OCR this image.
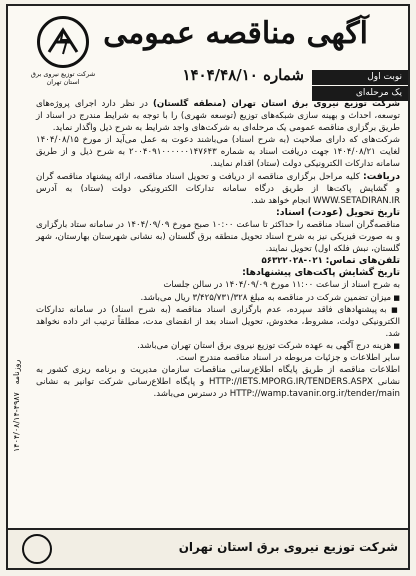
شرکت توزیع نیروی برق
استان تهران
آگهی مناقصه عمومی
شماره ۱۴۰۴/۴۸/۱۰	نوبت اول
یک مرحله‌ای

شرکت توزیع نیروی برق استان تهران (منطقه گلستان) در نظر دارد اجرای پروژه‌های توسعه، احداث و بهینه سازی شبکه‌های توزیع (توسعه شهری) را با توجه به شرایط مندرج در اسناد از طریق برگزاری مناقصه عمومی یک مرحله‌ای به شرکت‌های واجد شرایط به شرح ذیل واگذار نماید.

شرکت‌های که دارای صلاحیت (به شرح اسناد) می‌باشند دعوت به عمل می‌آید از مورخ ۱۴۰۴/۰۸/۱۵ لغایت ۱۴۰۴/۰۸/۲۱ جهت دریافت اسناد به شماره ۲۰۰۴۰۹۱۰۰۰۰۰۰۱۴۷۶۴۳ به شرح ذیل و از طریق سامانه تدارکات الکترونیکی دولت (ستاد) اقدام نمایند.

دریافت: کلیه مراحل برگزاری مناقصه از دریافت و تحویل اسناد مناقصه، ارائه پیشنهاد مناقصه گران و گشایش پاکت‌ها از طریق درگاه سامانه تدارکات الکترونیکی دولت (ستاد) به آدرس WWW.SETADIRAN.IR انجام خواهد شد.

تاریخ تحویل (عودت) اسناد:

مناقصه‌گران اسناد مناقصه را حداکثر تا ساعت ۱۰:۰۰ صبح مورخ ۱۴۰۴/۰۹/۰۹ در سامانه ستاد بارگزاری و به صورت فیزیکی نیز به شرح اسناد تحویل منطقه برق گلستان (به نشانی شهرستان بهارستان، شهر گلستان، نبش فلکه اول) تحویل نمایند.

تلفن‌های تماس: ۰۲۱-۵۶۳۲۲۰۲۸

تاریخ گشایش پاکت‌های پیشنهادها:

به شرح اسناد از ساعت ۱۱:۰۰ مورخ ۱۴۰۴/۰۹/۰۹ در سالن جلسات

■ میزان تضمین شرکت در مناقصه به مبلغ ۳/۴۲۵/۷۳۱/۳۲۸ ریال می‌باشد.

■ به پیشنهادهای فاقد سپرده، عدم بارگزاری اسناد مناقصه (به شرح اسناد) در سامانه تدارکات الکترونیکی دولت، مشروط، مخدوش، تحویل اسناد بعد از انقضای مدت، مطلقاً ترتیب اثر داده نخواهد شد.

■ هزینه درج آگهی به عهده شرکت توزیع نیروی برق استان تهران می‌باشد.

سایر اطلاعات و جزئیات مربوطه در اسناد مناقصه مندرج است.

اطلاعات مناقصه از طریق پایگاه اطلاع‌رسانی مناقصات سازمان مدیریت و برنامه ریزی کشور به نشانی HTTP://IETS.MPORG.IR/TENDERS.ASPX و پایگاه اطلاع‌رسانی شرکت توانیر به نشانی HTTP://wamp.tavanir.org.ir/tender/main در دسترس می‌باشد.

روزنامه   ۴۹۸۷-۱۴۰۴/۰۸/۱۴
شرکت توزیع نیروی برق استان تهران
